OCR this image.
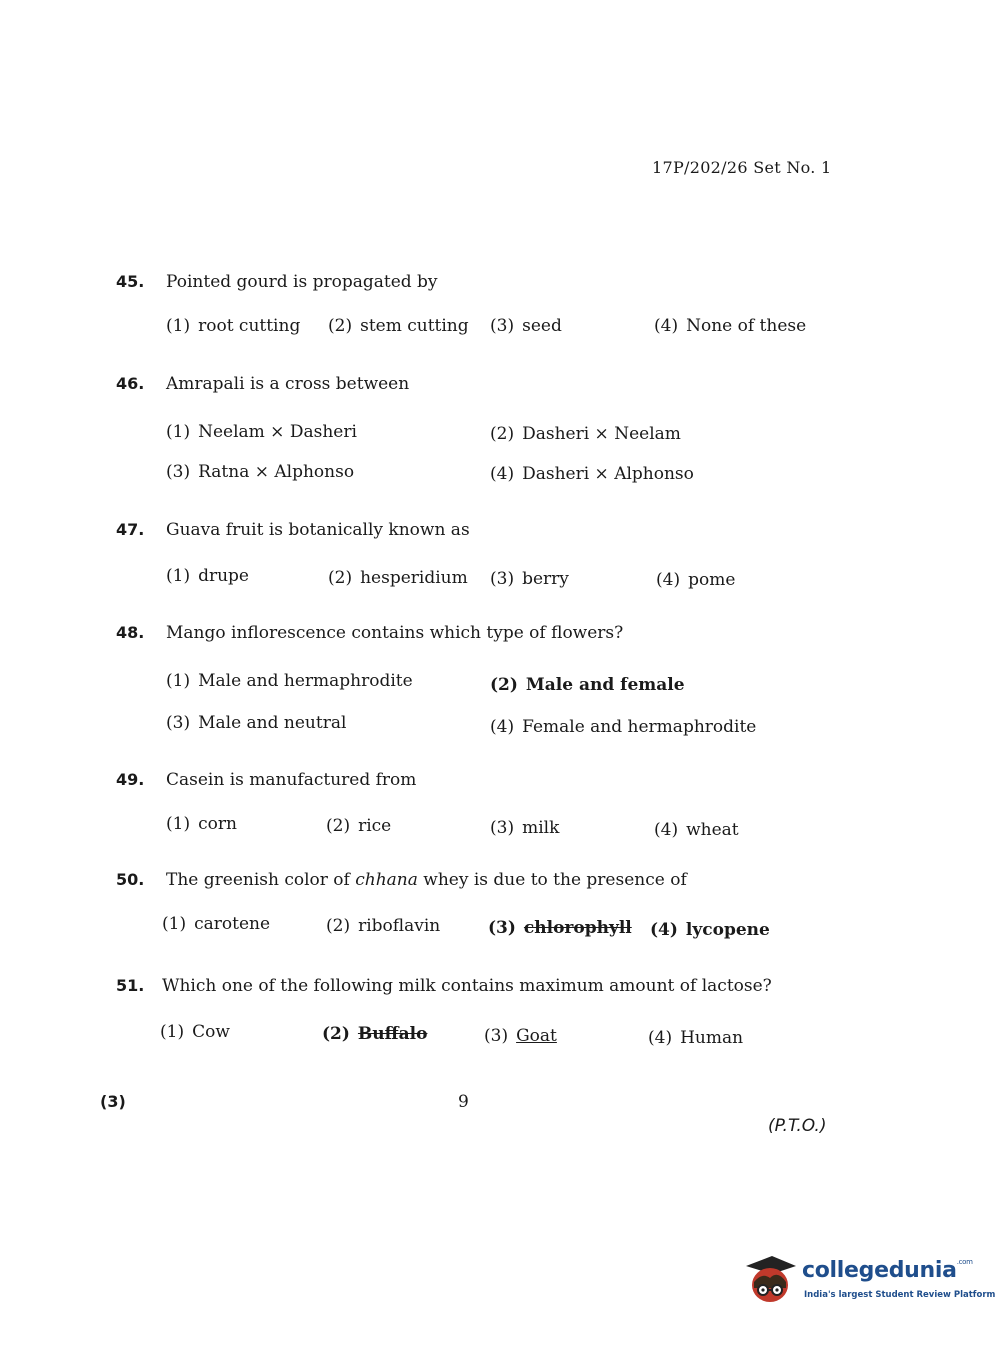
17P/202/26 Set No. 1
45. Pointed gourd is propagated by
(1) root cutting (2) stem cutting (3) seed	(4) None of these
46. Amrapali is a cross between
(1) Neelam × Dasheri	(2) Dasheri × Neelam
(3) Ratna × Alphonso	(4) Dasheri × Alphonso
47. Guava fruit is botanically known as
(1) drupe	(2) hesperidium (3) berry	(4) pome
48. Mango inflorescence contains which type of flowers?
(1) Male and hermaphrodite	(2) Male and female
(3) Male and neutral	(4) Female and hermaphrodite
49. Casein is manufactured from
(1) corn	(2) rice	(3) milk	(4) wheat
50. The greenish color of chhana whey is due to the presence of
(1) carotene	(2) riboflavin	(3) chlorophyll (4) lycopene
51. Which one of the following milk contains maximum amount of lactose?
(1) Cow	(2) Buffalo	(3) Goat	(4) Human
(3)	9
(P.T.O.)
collegedunia$^{.com}$
India's largest Student Review Platform
